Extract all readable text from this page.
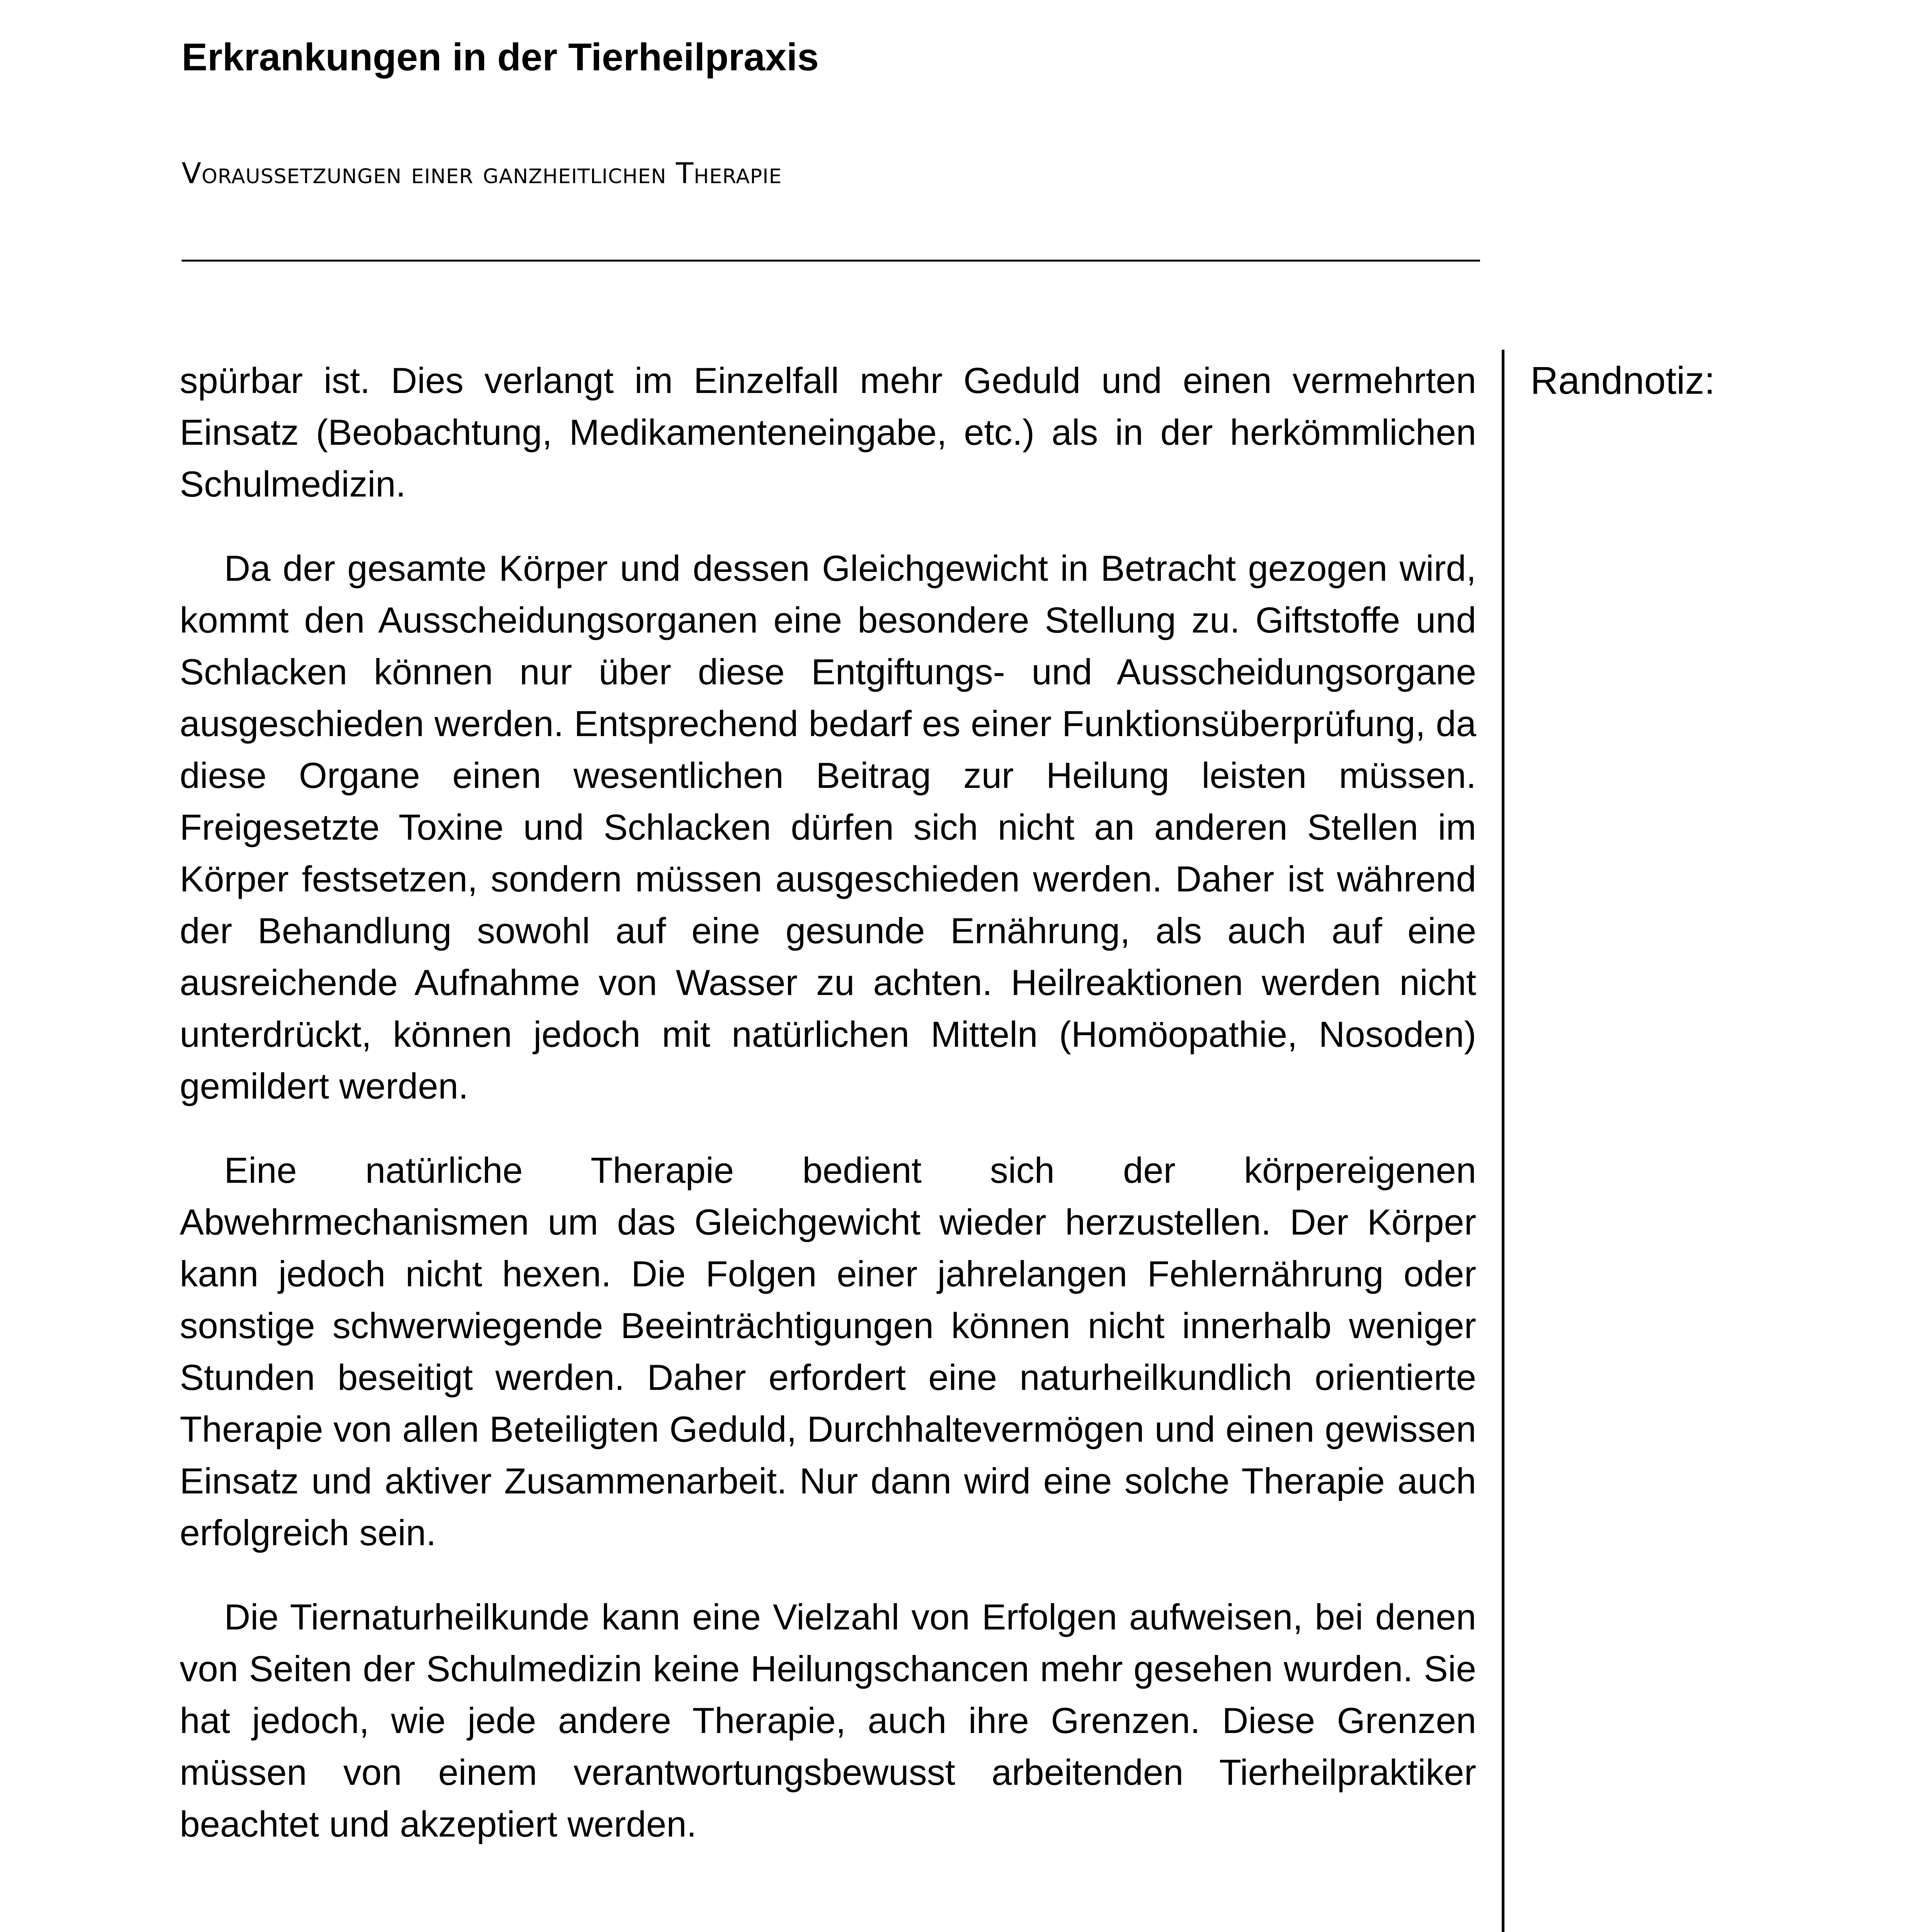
Erkrankungen in der Tierheilpraxis
Voraussetzungen einer ganzheitlichen Therapie

spürbar ist. Dies verlangt im Einzelfall mehr Geduld und einen vermehrten Einsatz (Beobachtung, Medikamenteneingabe, etc.) als in der herkömmlichen Schulmedizin.

Da der gesamte Körper und dessen Gleichgewicht in Betracht gezogen wird, kommt den Ausscheidungsorganen eine besondere Stellung zu. Giftstoffe und Schlacken können nur über diese Entgiftungs- und Ausscheidungsorgane ausgeschieden werden. Entsprechend bedarf es einer Funktionsüberprüfung, da diese Organe einen wesentlichen Beitrag zur Heilung leisten müssen. Freigesetzte Toxine und Schlacken dürfen sich nicht an anderen Stellen im Körper festsetzen, sondern müssen ausgeschieden werden. Daher ist während der Behandlung sowohl auf eine gesunde Ernährung, als auch auf eine ausreichende Aufnahme von Wasser zu achten. Heilreaktionen werden nicht unterdrückt, können jedoch mit natürlichen Mitteln (Homöopathie, Nosoden) gemildert werden.

Eine natürliche Therapie bedient sich der körpereigenen Abwehrmechanismen um das Gleichgewicht wieder herzustellen. Der Körper kann jedoch nicht hexen. Die Folgen einer jahrelangen Fehlernährung oder sonstige schwerwiegende Beeinträchtigungen können nicht innerhalb weniger Stunden beseitigt werden. Daher erfordert eine naturheilkundlich orientierte Therapie von allen Beteiligten Geduld, Durchhaltevermögen und einen gewissen Einsatz und aktiver Zusammenarbeit. Nur dann wird eine solche Therapie auch erfolgreich sein.

Die Tiernaturheilkunde kann eine Vielzahl von Erfolgen aufweisen, bei denen von Seiten der Schulmedizin keine Heilungschancen mehr gesehen wurden. Sie hat jedoch, wie jede andere Therapie, auch ihre Grenzen. Diese Grenzen müssen von einem verantwortungsbewusst arbeitenden Tierheilpraktiker beachtet und akzeptiert werden.

Randnotiz:
